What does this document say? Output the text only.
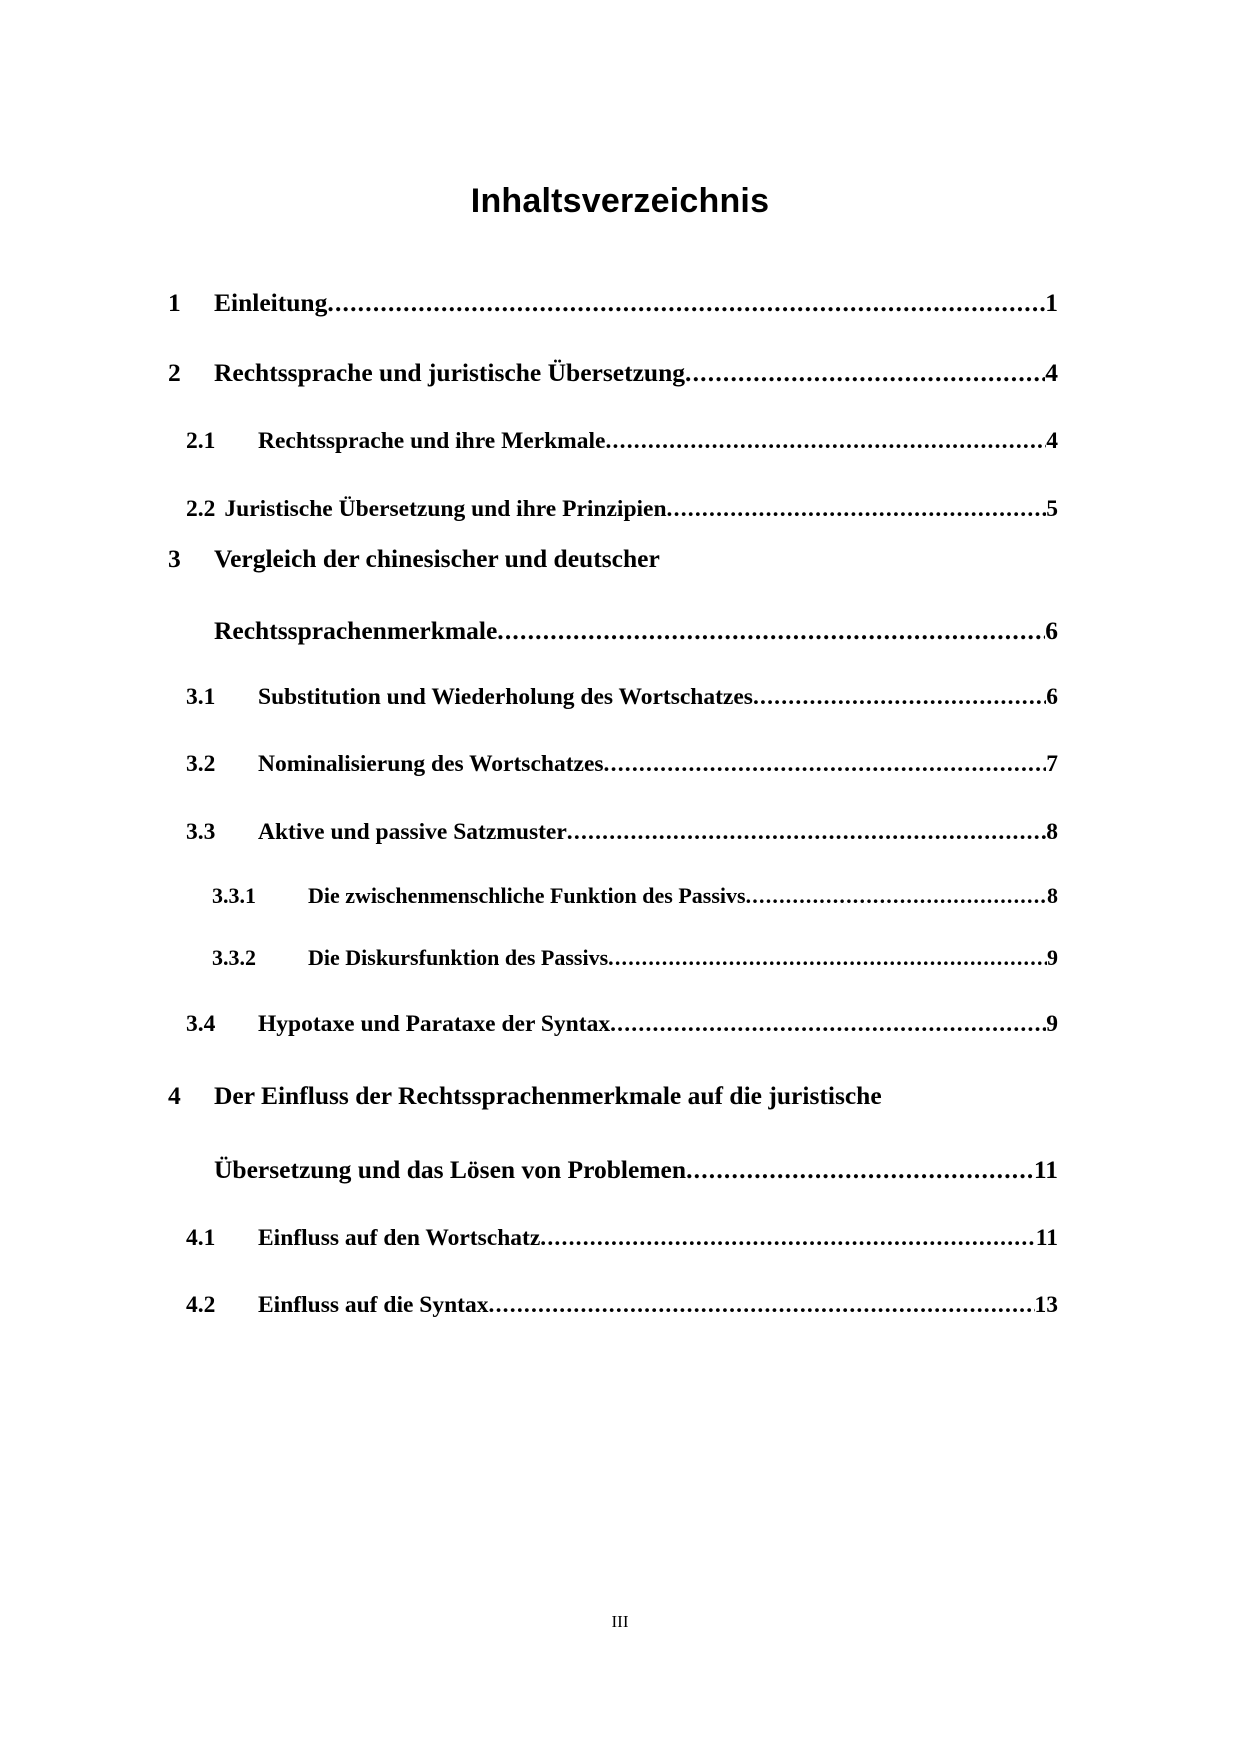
Inhaltsverzeichnis
1	Einleitung .....	1
2	Rechtssprache und juristische Übersetzung .....	4
2.1	Rechtssprache und ihre Merkmale .....	4
2.2 Juristische Übersetzung und ihre Prinzipien .....	5
3	Vergleich der chinesischer und deutscher
Rechtssprachenmerkmale .....	6
3.1	Substitution und Wiederholung des Wortschatzes .....	6
3.2	Nominalisierung des Wortschatzes .....	7
3.3	Aktive und passive Satzmuster .....	8
3.3.1	Die zwischenmenschliche Funktion des Passivs .....	8
3.3.2	Die Diskursfunktion des Passivs .....	9
3.4	Hypotaxe und Parataxe der Syntax .....	9
4	Der Einfluss der Rechtssprachenmerkmale auf die juristische
Übersetzung und das Lösen von Problemen .....	11
4.1	Einfluss auf den Wortschatz .....	11
4.2	Einfluss auf die Syntax .....	13
III
